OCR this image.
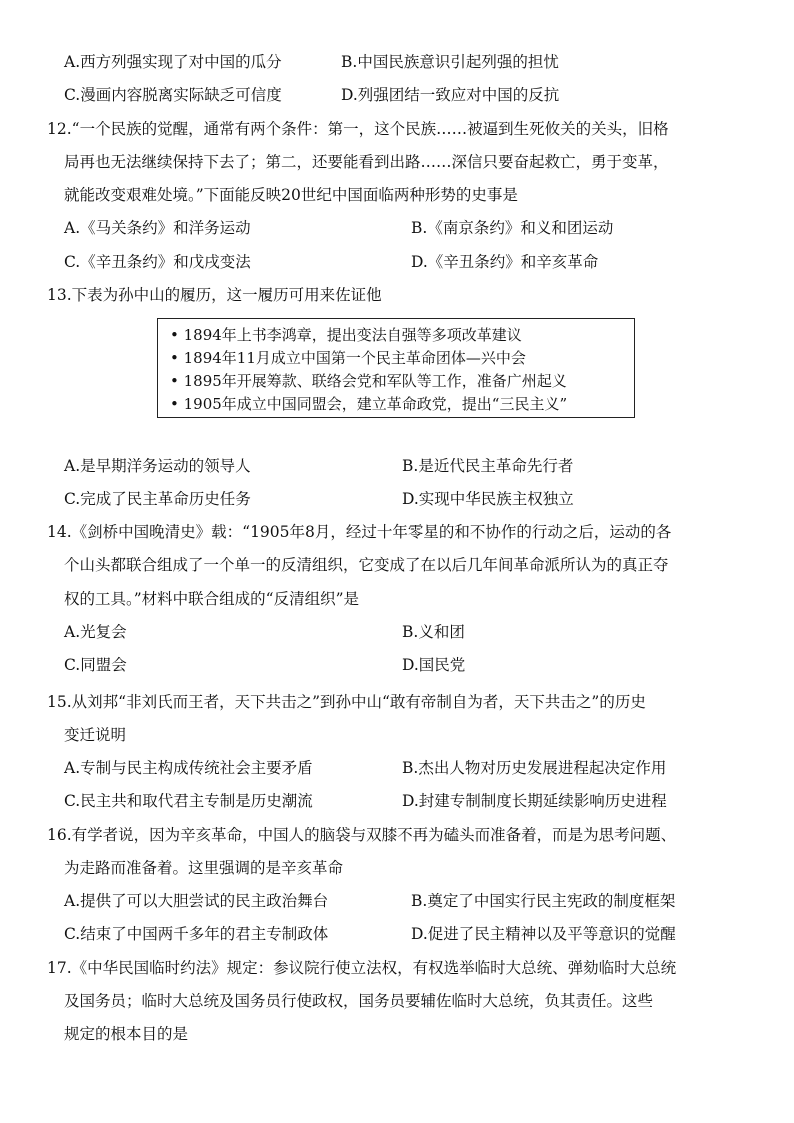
A.西方列强实现了对中国的瓜分	B.中国民族意识引起列强的担忧
C.漫画内容脱离实际缺乏可信度	D.列强团结一致应对中国的反抗
12.“一个民族的觉醒，通常有两个条件：第一，这个民族……被逼到生死攸关的关头，旧格
局再也无法继续保持下去了；第二，还要能看到出路……深信只要奋起救亡，勇于变革，
就能改变艰难处境。”下面能反映20世纪中国面临两种形势的史事是
A.《马关条约》和洋务运动	B.《南京条约》和义和团运动
C.《辛丑条约》和戊戌变法	D.《辛丑条约》和辛亥革命
13.下表为孙中山的履历，这一履历可用来佐证他
• 1894年上书李鸿章，提出变法自强等多项改革建议
• 1894年11月成立中国第一个民主革命团体—兴中会
• 1895年开展筹款、联络会党和军队等工作，准备广州起义
• 1905年成立中国同盟会，建立革命政党，提出“三民主义”
A.是早期洋务运动的领导人	B.是近代民主革命先行者
C.完成了民主革命历史任务	D.实现中华民族主权独立
14.《剑桥中国晚清史》载：“1905年8月，经过十年零星的和不协作的行动之后，运动的各
个山头都联合组成了一个单一的反清组织，它变成了在以后几年间革命派所认为的真正夺
权的工具。”材料中联合组成的“反清组织”是
A.光复会	B.义和团
C.同盟会	D.国民党
15.从刘邦“非刘氏而王者，天下共击之”到孙中山“敢有帝制自为者，天下共击之”的历史
变迁说明
A.专制与民主构成传统社会主要矛盾	B.杰出人物对历史发展进程起决定作用
C.民主共和取代君主专制是历史潮流	D.封建专制制度长期延续影响历史进程
16.有学者说，因为辛亥革命，中国人的脑袋与双膝不再为磕头而准备着，而是为思考问题、
为走路而准备着。这里强调的是辛亥革命
A.提供了可以大胆尝试的民主政治舞台	B.奠定了中国实行民主宪政的制度框架
C.结束了中国两千多年的君主专制政体	D.促进了民主精神以及平等意识的觉醒
17.《中华民国临时约法》规定：参议院行使立法权，有权选举临时大总统、弹劾临时大总统
及国务员；临时大总统及国务员行使政权，国务员要辅佐临时大总统，负其责任。这些
规定的根本目的是
